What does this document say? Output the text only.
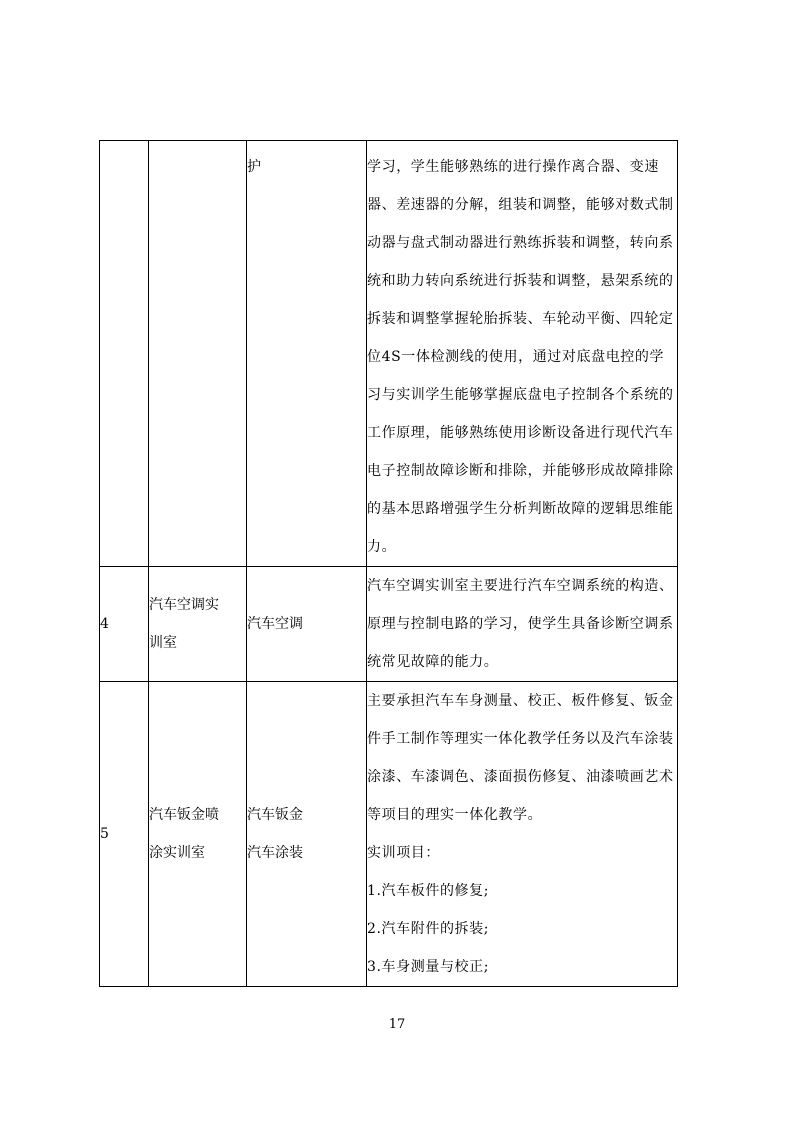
		护	学习，学生能够熟练的进行操作离合器、变速器、差速器的分解，组装和调整，能够对数式制动器与盘式制动器进行熟练拆装和调整，转向系统和助力转向系统进行拆装和调整，悬架系统的拆装和调整掌握轮胎拆装、车轮动平衡、四轮定位4S一体检测线的使用，通过对底盘电控的学习与实训学生能够掌握底盘电子控制各个系统的工作原理，能够熟练使用诊断设备进行现代汽车电子控制故障诊断和排除，并能够形成故障排除的基本思路增强学生分析判断故障的逻辑思维能力。

4	汽车空调实训室	汽车空调	汽车空调实训室主要进行汽车空调系统的构造、原理与控制电路的学习，使学生具备诊断空调系统常见故障的能力。

5	汽车钣金喷涂实训室	汽车钣金汽车涂装	主要承担汽车车身测量、校正、板件修复、钣金件手工制作等理实一体化教学任务以及汽车涂装涂漆、车漆调色、漆面损伤修复、油漆喷画艺术等项目的理实一体化教学。

实训项目：

1.汽车板件的修复;

2.汽车附件的拆装;

3.车身测量与校正;

17
